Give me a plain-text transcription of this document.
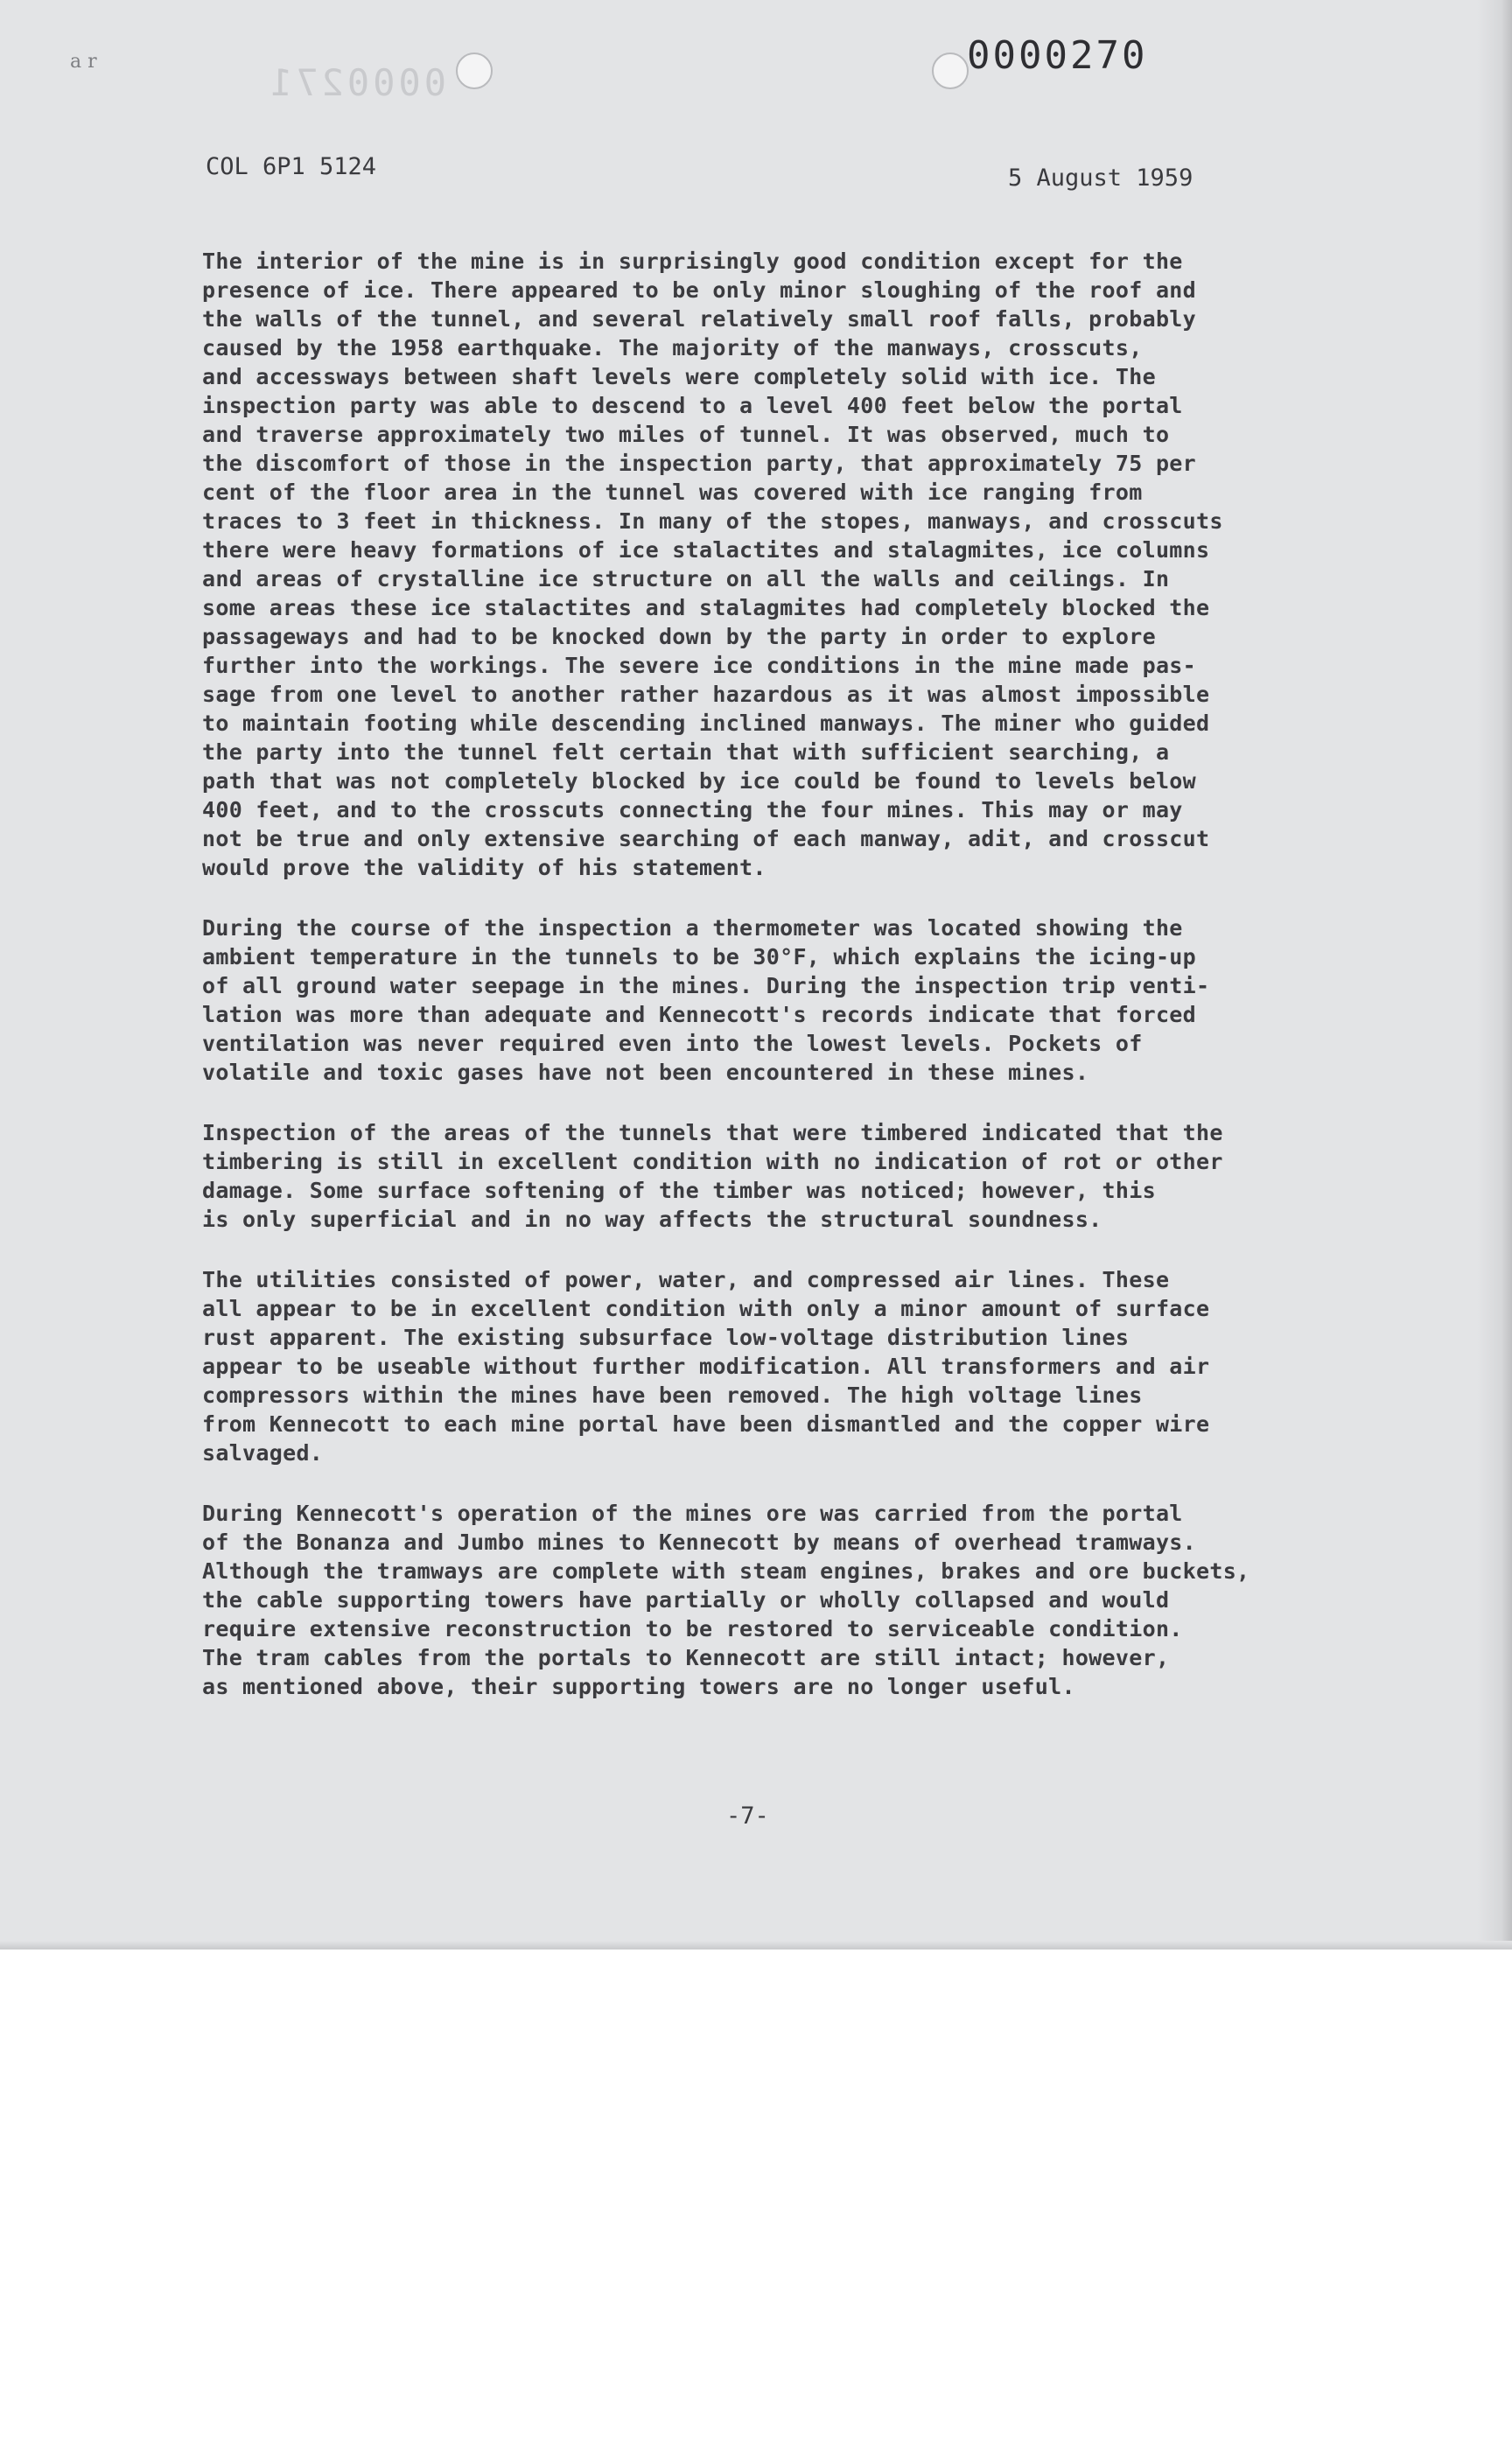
a r	0000271
0000270
COL 6P1 5124	5 August 1959

The interior of the mine is in surprisingly good condition except for the
presence of ice. There appeared to be only minor sloughing of the roof and
the walls of the tunnel, and several relatively small roof falls, probably
caused by the 1958 earthquake. The majority of the manways, crosscuts,
and accessways between shaft levels were completely solid with ice. The
inspection party was able to descend to a level 400 feet below the portal
and traverse approximately two miles of tunnel. It was observed, much to
the discomfort of those in the inspection party, that approximately 75 per
cent of the floor area in the tunnel was covered with ice ranging from
traces to 3 feet in thickness. In many of the stopes, manways, and crosscuts
there were heavy formations of ice stalactites and stalagmites, ice columns
and areas of crystalline ice structure on all the walls and ceilings. In
some areas these ice stalactites and stalagmites had completely blocked the
passageways and had to be knocked down by the party in order to explore
further into the workings. The severe ice conditions in the mine made pas-
sage from one level to another rather hazardous as it was almost impossible
to maintain footing while descending inclined manways. The miner who guided
the party into the tunnel felt certain that with sufficient searching, a
path that was not completely blocked by ice could be found to levels below
400 feet, and to the crosscuts connecting the four mines. This may or may
not be true and only extensive searching of each manway, adit, and crosscut
would prove the validity of his statement.

During the course of the inspection a thermometer was located showing the
ambient temperature in the tunnels to be 30°F, which explains the icing-up
of all ground water seepage in the mines. During the inspection trip venti-
lation was more than adequate and Kennecott's records indicate that forced
ventilation was never required even into the lowest levels. Pockets of
volatile and toxic gases have not been encountered in these mines.

Inspection of the areas of the tunnels that were timbered indicated that the
timbering is still in excellent condition with no indication of rot or other
damage. Some surface softening of the timber was noticed; however, this
is only superficial and in no way affects the structural soundness.

The utilities consisted of power, water, and compressed air lines. These
all appear to be in excellent condition with only a minor amount of surface
rust apparent. The existing subsurface low-voltage distribution lines
appear to be useable without further modification. All transformers and air
compressors within the mines have been removed. The high voltage lines
from Kennecott to each mine portal have been dismantled and the copper wire
salvaged.

During Kennecott's operation of the mines ore was carried from the portal
of the Bonanza and Jumbo mines to Kennecott by means of overhead tramways.
Although the tramways are complete with steam engines, brakes and ore buckets,
the cable supporting towers have partially or wholly collapsed and would
require extensive reconstruction to be restored to serviceable condition.
The tram cables from the portals to Kennecott are still intact; however,
as mentioned above, their supporting towers are no longer useful.

-7-
